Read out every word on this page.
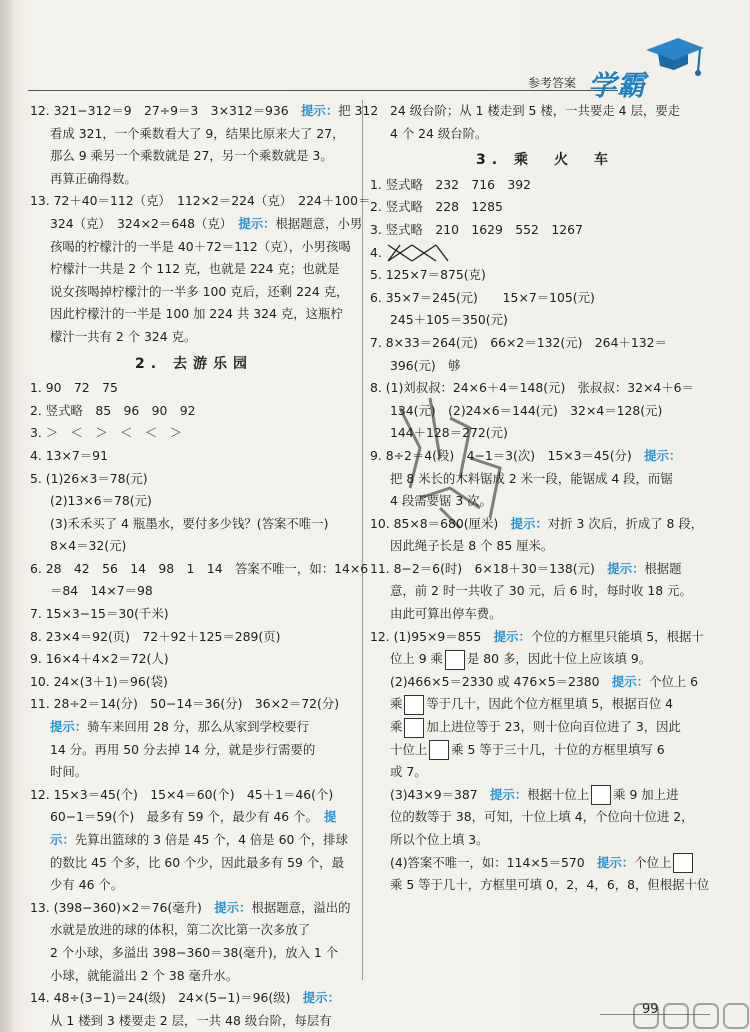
参考答案 学霸
12. 321−312＝9　27÷9＝3　3×312＝936　提示：把 312
看成 321，一个乘数看大了 9，结果比原来大了 27，
那么 9 乘另一个乘数就是 27，另一个乘数就是 3。
再算正确得数。
13. 72＋40＝112（克）　112×2＝224（克）　224＋100＝
324（克）　324×2＝648（克）　提示：根据题意，小男
孩喝的柠檬汁的一半是 40＋72＝112（克），小男孩喝
柠檬汁一共是 2 个 112 克，也就是 224 克；也就是
说女孩喝掉柠檬汁的一半多 100 克后，还剩 224 克，
因此柠檬汁的一半是 100 加 224 共 324 克，这瓶柠
檬汁一共有 2 个 324 克。
2. 去游乐园
1. 90　72　75
2. 竖式略　85　96　90　92
3. ＞　＜　＞　＜　＜　＞
4. 13×7＝91
5. (1)26×3＝78(元)
(2)13×6＝78(元)
(3)禾禾买了 4 瓶墨水，要付多少钱？(答案不唯一)
8×4＝32(元)
6. 28　42　56　14　98　1　14　答案不唯一，如：14×6
＝84　14×7＝98
7. 15×3−15＝30(千米)
8. 23×4＝92(页)　72＋92＋125＝289(页)
9. 16×4＋4×2＝72(人)
10. 24×(3＋1)＝96(袋)
11. 28÷2＝14(分)　50−14＝36(分)　36×2＝72(分)
提示：骑车来回用 28 分，那么从家到学校要行
14 分。再用 50 分去掉 14 分，就是步行需要的
时间。
12. 15×3＝45(个)　15×4＝60(个)　45＋1＝46(个)
60−1＝59(个)　最多有 59 个，最少有 46 个。　提
示：先算出篮球的 3 倍是 45 个，4 倍是 60 个，排球
的数比 45 个多，比 60 个少，因此最多有 59 个，最
少有 46 个。
13. (398−360)×2＝76(毫升)　提示：根据题意，溢出的
水就是放进的球的体积，第二次比第一次多放了
2 个小球，多溢出 398−360＝38(毫升)，放入 1 个
小球，就能溢出 2 个 38 毫升水。
14. 48÷(3−1)＝24(级)　24×(5−1)＝96(级)　提示：
从 1 楼到 3 楼要走 2 层，一共 48 级台阶，每层有
24 级台阶；从 1 楼走到 5 楼，一共要走 4 层，要走
4 个 24 级台阶。
3. 乘　火　车
1. 竖式略　232　716　392
2. 竖式略　228　1285
3. 竖式略　210　1629　552　1267
4.
5. 125×7＝875(克)
6. 35×7＝245(元)　　15×7＝105(元)
245＋105＝350(元)
7. 8×33＝264(元)　66×2＝132(元)　264＋132＝
396(元)　够
8. (1)刘叔叔：24×6＋4＝148(元)　张叔叔：32×4＋6＝
134(元)　(2)24×6＝144(元)　32×4＝128(元)
144＋128＝272(元)
9. 8÷2＝4(段)　4−1＝3(次)　15×3＝45(分)　提示：
把 8 米长的木料锯成 2 米一段，能锯成 4 段，而锯
4 段需要锯 3 次。
10. 85×8＝680(厘米)　提示：对折 3 次后，折成了 8 段，
因此绳子长是 8 个 85 厘米。
11. 8−2＝6(时)　6×18＋30＝138(元)　提示：根据题
意，前 2 时一共收了 30 元，后 6 时，每时收 18 元。
由此可算出停车费。
12. (1)95×9＝855　提示：个位的方框里只能填 5，根据十
位上 9 乘 是 80 多，因此十位上应该填 9。
(2)466×5＝2330 或 476×5＝2380　提示：个位上 6
乘 等于几十，因此个位方框里填 5，根据百位 4
乘 加上进位等于 23，则十位向百位进了 3，因此
十位上 乘 5 等于三十几，十位的方框里填写 6
或 7。
(3)43×9＝387　提示：根据十位上 乘 9 加上进
位的数等于 38，可知，十位上填 4，个位向十位进 2，
所以个位上填 3。
(4)答案不唯一，如：114×5＝570　提示：个位上
乘 5 等于几十，方框里可填 0，2，4，6，8，但根据十位
99
